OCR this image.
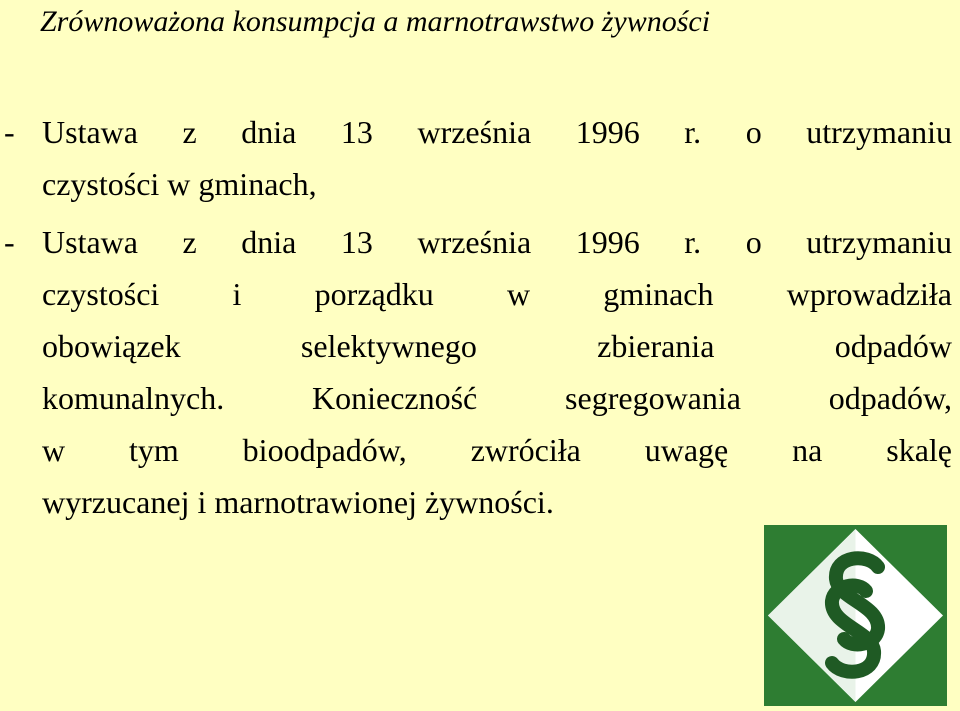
Zrównoważona konsumpcja a marnotrawstwo żywności
- Ustawa z dnia 13 września 1996 r. o utrzymaniu
czystości w gminach,
- Ustawa z dnia 13 września 1996 r. o utrzymaniu
czystości i porządku w gminach wprowadziła
obowiązek selektywnego zbierania odpadów
komunalnych. Konieczność segregowania odpadów,
w tym bioodpadów, zwróciła uwagę na skalę
wyrzucanej i marnotrawionej żywności.
